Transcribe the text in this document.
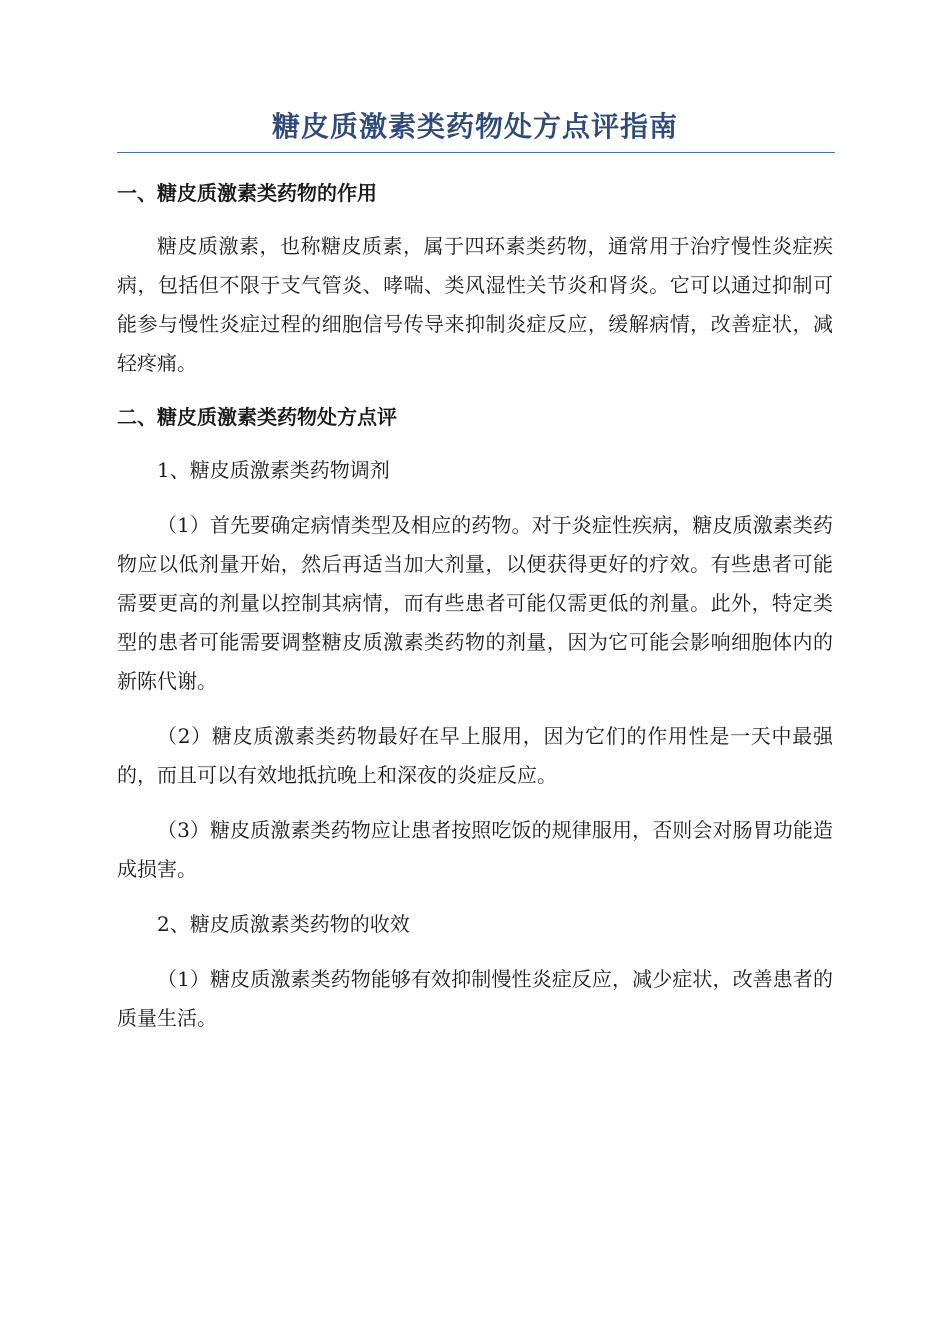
糖皮质激素类药物处方点评指南
一、糖皮质激素类药物的作用

糖皮质激素，也称糖皮质素，属于四环素类药物，通常用于治疗慢性炎症疾病，包括但不限于支气管炎、哮喘、类风湿性关节炎和肾炎。它可以通过抑制可能参与慢性炎症过程的细胞信号传导来抑制炎症反应，缓解病情，改善症状，减轻疼痛。

二、糖皮质激素类药物处方点评

1、糖皮质激素类药物调剂

（1）首先要确定病情类型及相应的药物。对于炎症性疾病，糖皮质激素类药物应以低剂量开始，然后再适当加大剂量，以便获得更好的疗效。有些患者可能需要更高的剂量以控制其病情，而有些患者可能仅需更低的剂量。此外，特定类型的患者可能需要调整糖皮质激素类药物的剂量，因为它可能会影响细胞体内的新陈代谢。

（2）糖皮质激素类药物最好在早上服用，因为它们的作用性是一天中最强的，而且可以有效地抵抗晚上和深夜的炎症反应。

（3）糖皮质激素类药物应让患者按照吃饭的规律服用，否则会对肠胃功能造成损害。

2、糖皮质激素类药物的收效

（1）糖皮质激素类药物能够有效抑制慢性炎症反应，减少症状，改善患者的质量生活。
